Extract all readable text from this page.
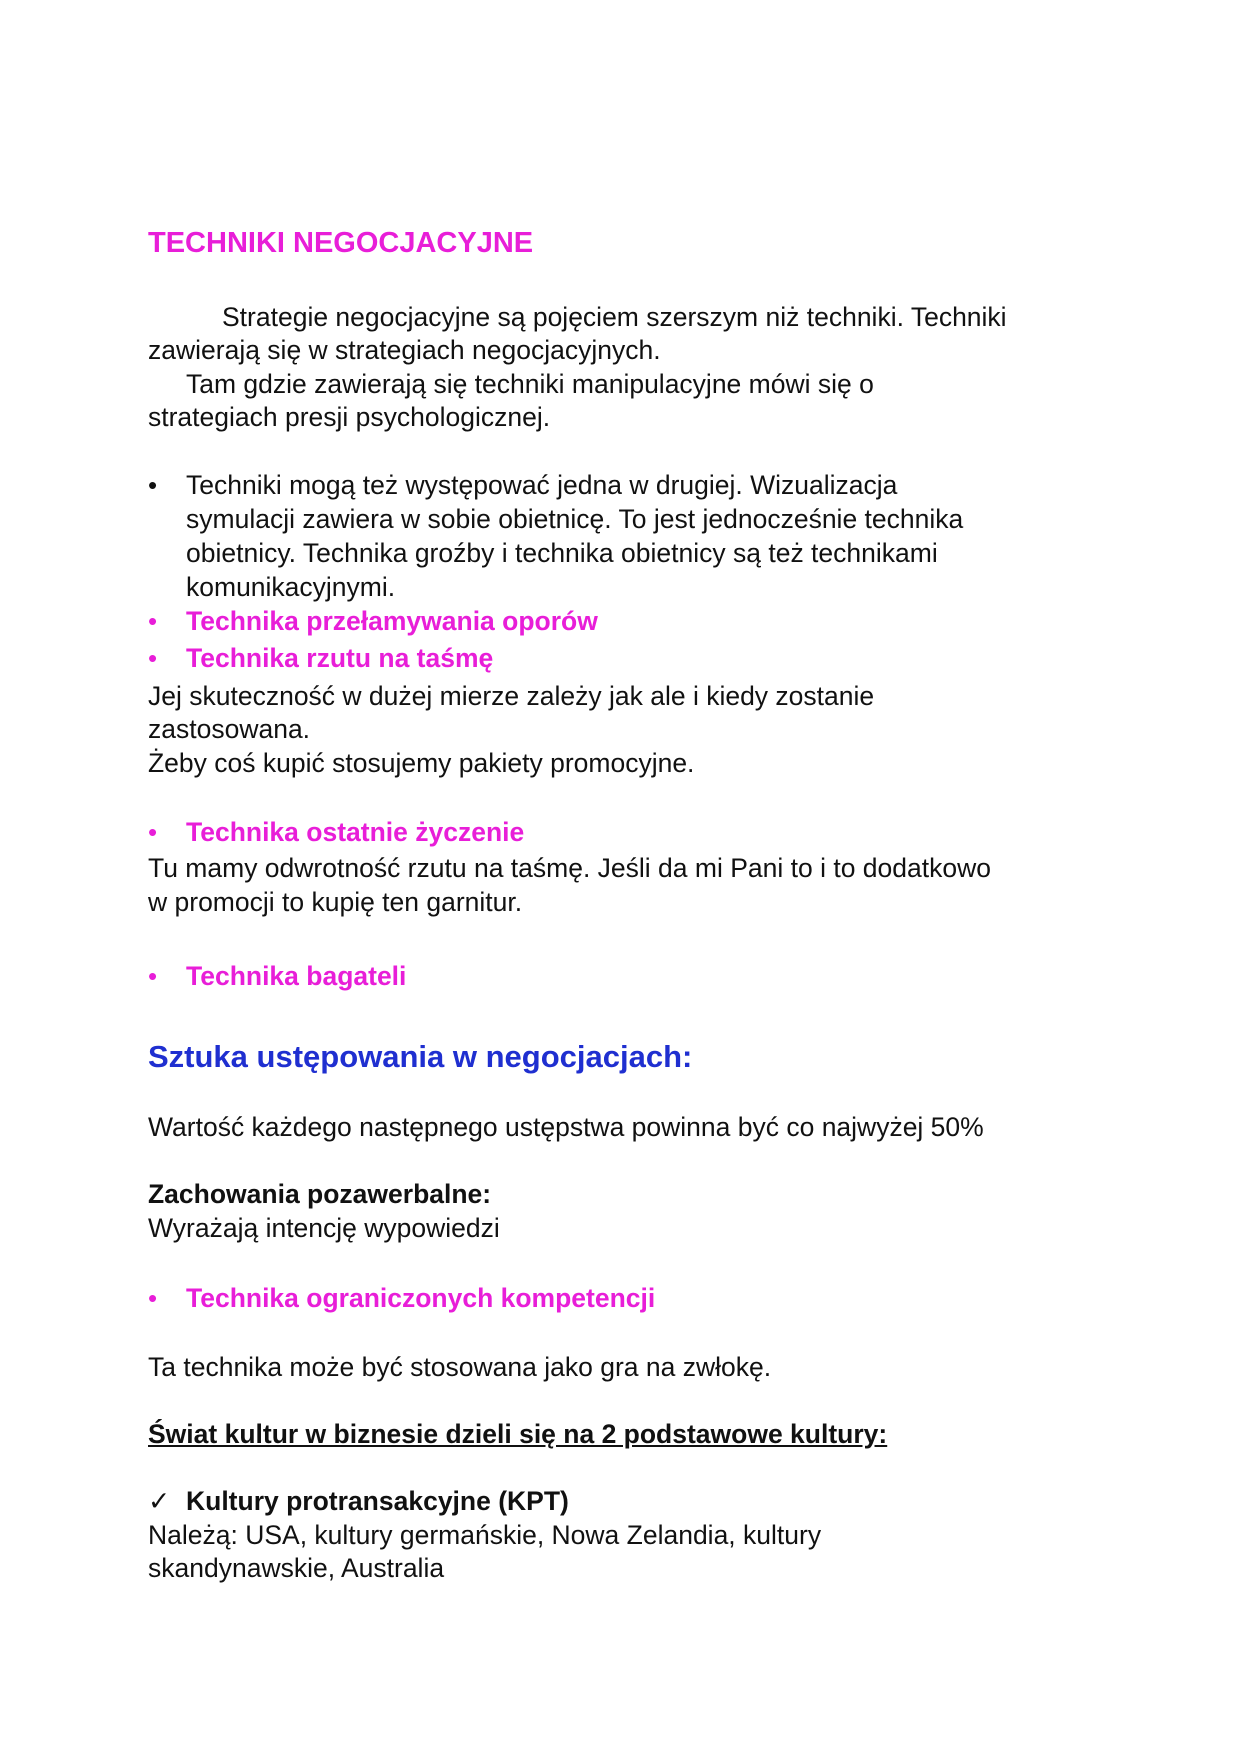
TECHNIKI NEGOCJACYJNE
Strategie negocjacyjne są pojęciem szerszym niż techniki. Techniki
zawierają się w strategiach negocjacyjnych.
Tam gdzie zawierają się techniki manipulacyjne mówi się o
strategiach presji psychologicznej.
•	Techniki mogą też występować jedna w drugiej. Wizualizacja
symulacji zawiera w sobie obietnicę. To jest jednocześnie technika
obietnicy. Technika groźby i technika obietnicy są też technikami
komunikacyjnymi.
•	Technika przełamywania oporów
•	Technika rzutu na taśmę
Jej skuteczność w dużej mierze zależy jak ale i kiedy zostanie
zastosowana.
Żeby coś kupić stosujemy pakiety promocyjne.
•	Technika ostatnie życzenie
Tu mamy odwrotność rzutu na taśmę. Jeśli da mi Pani to i to dodatkowo
w promocji to kupię ten garnitur.
•	Technika bagateli
Sztuka ustępowania w negocjacjach:
Wartość każdego następnego ustępstwa powinna być co najwyżej 50%
Zachowania pozawerbalne:
Wyrażają intencję wypowiedzi
•	Technika ograniczonych kompetencji
Ta technika może być stosowana jako gra na zwłokę.
Świat kultur w biznesie dzieli się na 2 podstawowe kultury:
✓ Kultury protransakcyjne (KPT)
Należą: USA, kultury germańskie, Nowa Zelandia, kultury
skandynawskie, Australia
